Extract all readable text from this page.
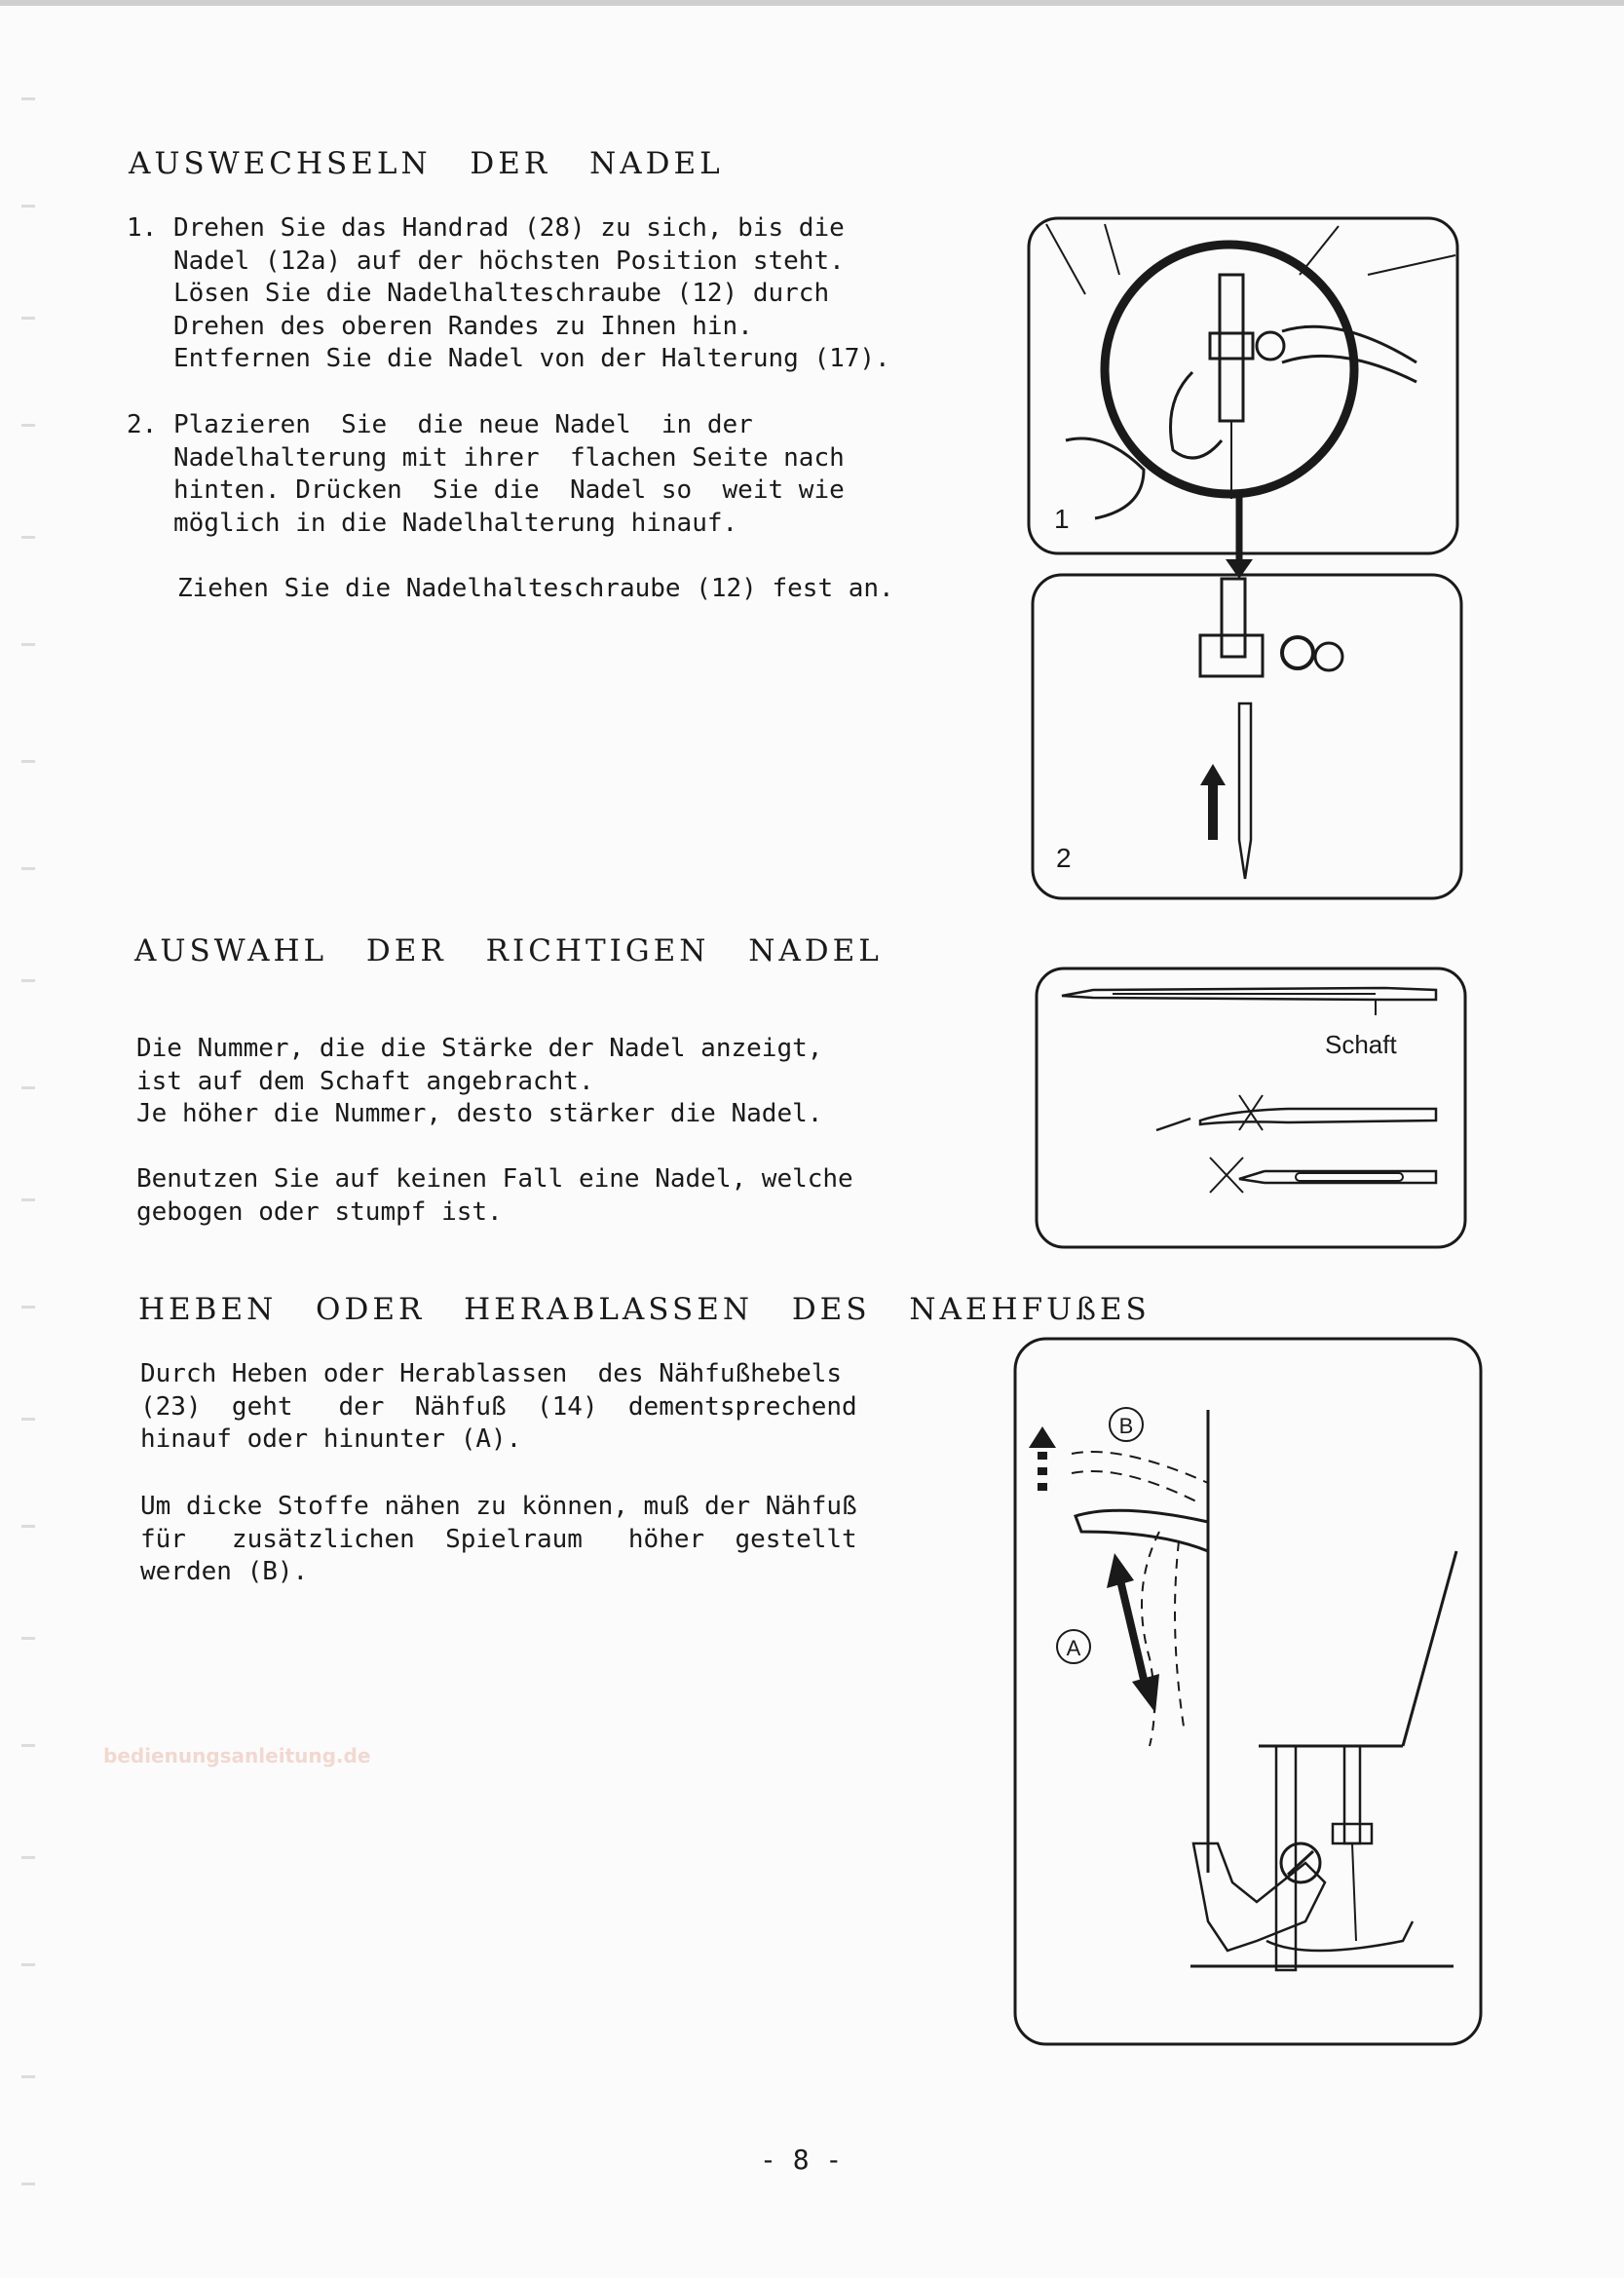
AUSWECHSELN DER NADEL

1.

Drehen Sie das Handrad (28) zu sich, bis die
Nadel (12a) auf der höchsten Position steht.
Lösen Sie die Nadelhalteschraube (12) durch
Drehen des oberen Randes zu Ihnen hin.
Entfernen Sie die Nadel von der Halterung (17).

2.

Plazieren  Sie  die neue Nadel  in der
Nadelhalterung mit ihrer  flachen Seite nach
hinten. Drücken  Sie die  Nadel so  weit wie
möglich in die Nadelhalterung hinauf.

Ziehen Sie die Nadelhalteschraube (12) fest an.
1
2
AUSWAHL DER RICHTIGEN NADEL
Die Nummer, die die Stärke der Nadel anzeigt,
ist auf dem Schaft angebracht.
Je höher die Nummer, desto stärker die Nadel.
Benutzen Sie auf keinen Fall eine Nadel, welche
gebogen oder stumpf ist.
Schaft
HEBEN ODER HERABLASSEN DES NAEHFUßES
Durch Heben oder Herablassen  des Nähfußhebels
(23)  geht   der  Nähfuß  (14)  dementsprechend
hinauf oder hinunter (A).
Um dicke Stoffe nähen zu können, muß der Nähfuß
für   zusätzlichen  Spielraum   höher  gestellt
werden (B).
B
A
bedienungsanleitung.de
- 8 -
